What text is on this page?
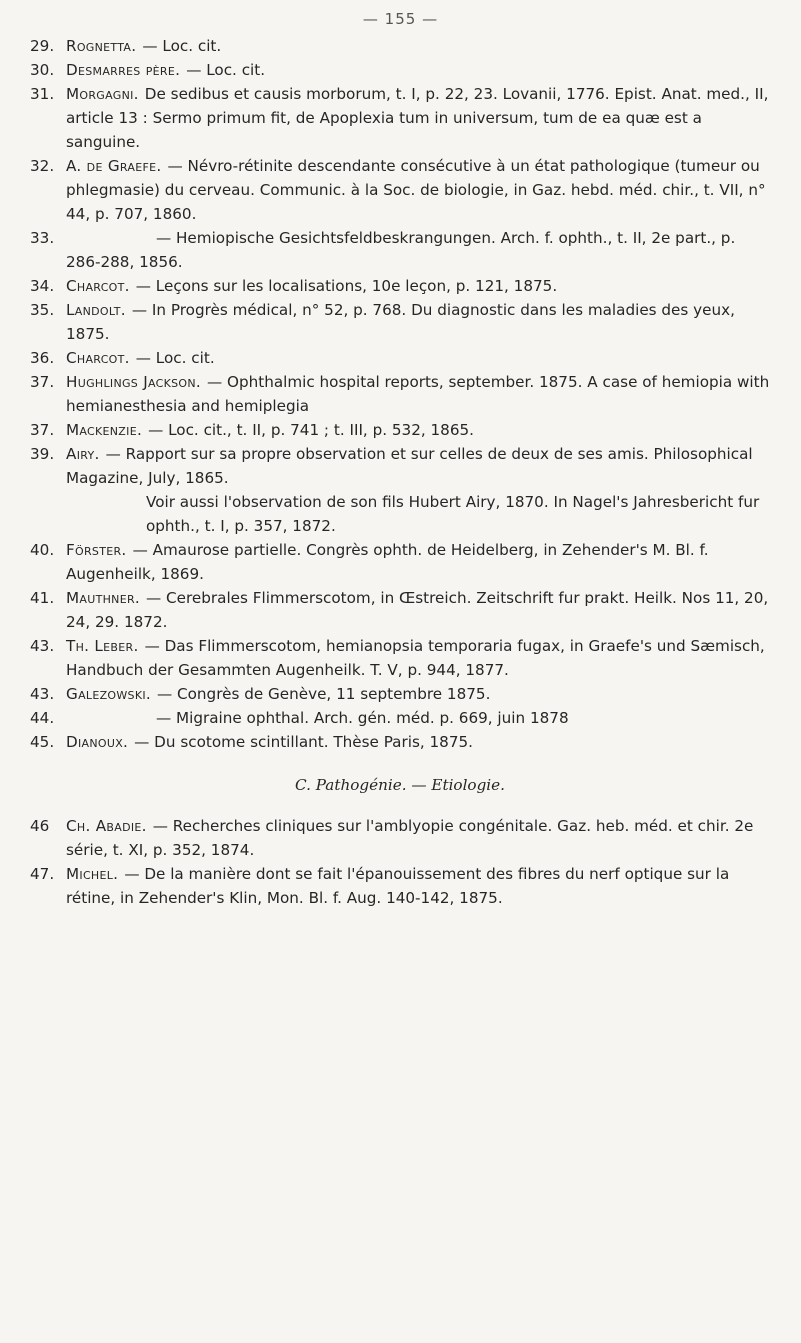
— 155 —

29. Rognetta. — Loc. cit.

30. Desmarres père. — Loc. cit.

31. Morgagni. De sedibus et causis morborum, t. I, p. 22, 23. Lovanii, 1776. Epist. Anat. med., II, article 13 : Sermo primum fit, de Apoplexia tum in universum, tum de ea quæ est a sanguine.

32. A. de Graefe. — Névro-rétinite descendante consécutive à un état pathologique (tumeur ou phlegmasie) du cerveau. Communic. à la Soc. de biologie, in Gaz. hebd. méd. chir., t. VII, n° 44, p. 707, 1860.

33.	— Hemiopische Gesichtsfeldbeskrangungen. Arch. f. ophth., t. II, 2e part., p. 286-288, 1856.

34. Charcot. — Leçons sur les localisations, 10e leçon, p. 121, 1875.

35. Landolt. — In Progrès médical, n° 52, p. 768. Du diagnostic dans les maladies des yeux, 1875.

36. Charcot. — Loc. cit.

37. Hughlings Jackson. — Ophthalmic hospital reports, september. 1875. A case of hemiopia with hemianesthesia and hemiplegia

37. Mackenzie. — Loc. cit., t. II, p. 741 ; t. III, p. 532, 1865.

39. Airy. — Rapport sur sa propre observation et sur celles de deux de ses amis. Philosophical Magazine, July, 1865.
Voir aussi l'observation de son fils Hubert Airy, 1870. In Nagel's Jahresbericht fur ophth., t. I, p. 357, 1872.

40. Förster. — Amaurose partielle. Congrès ophth. de Heidelberg, in Zehender's M. Bl. f. Augenheilk, 1869.

41. Mauthner. — Cerebrales Flimmerscotom, in Œstreich. Zeitschrift fur prakt. Heilk. Nos 11, 20, 24, 29. 1872.

43. Th. Leber. — Das Flimmerscotom, hemianopsia temporaria fugax, in Graefe's und Sæmisch, Handbuch der Gesammten Augenheilk. T. V, p. 944, 1877.

43. Galezowski. — Congrès de Genève, 11 septembre 1875.

44.	— Migraine ophthal. Arch. gén. méd. p. 669, juin 1878

45. Dianoux. — Du scotome scintillant. Thèse Paris, 1875.

C. Pathogénie. — Etiologie.

46 Ch. Abadie. — Recherches cliniques sur l'amblyopie congénitale. Gaz. heb. méd. et chir. 2e série, t. XI, p. 352, 1874.

47. Michel. — De la manière dont se fait l'épanouissement des fibres du nerf optique sur la rétine, in Zehender's Klin, Mon. Bl. f. Aug. 140-142, 1875.
